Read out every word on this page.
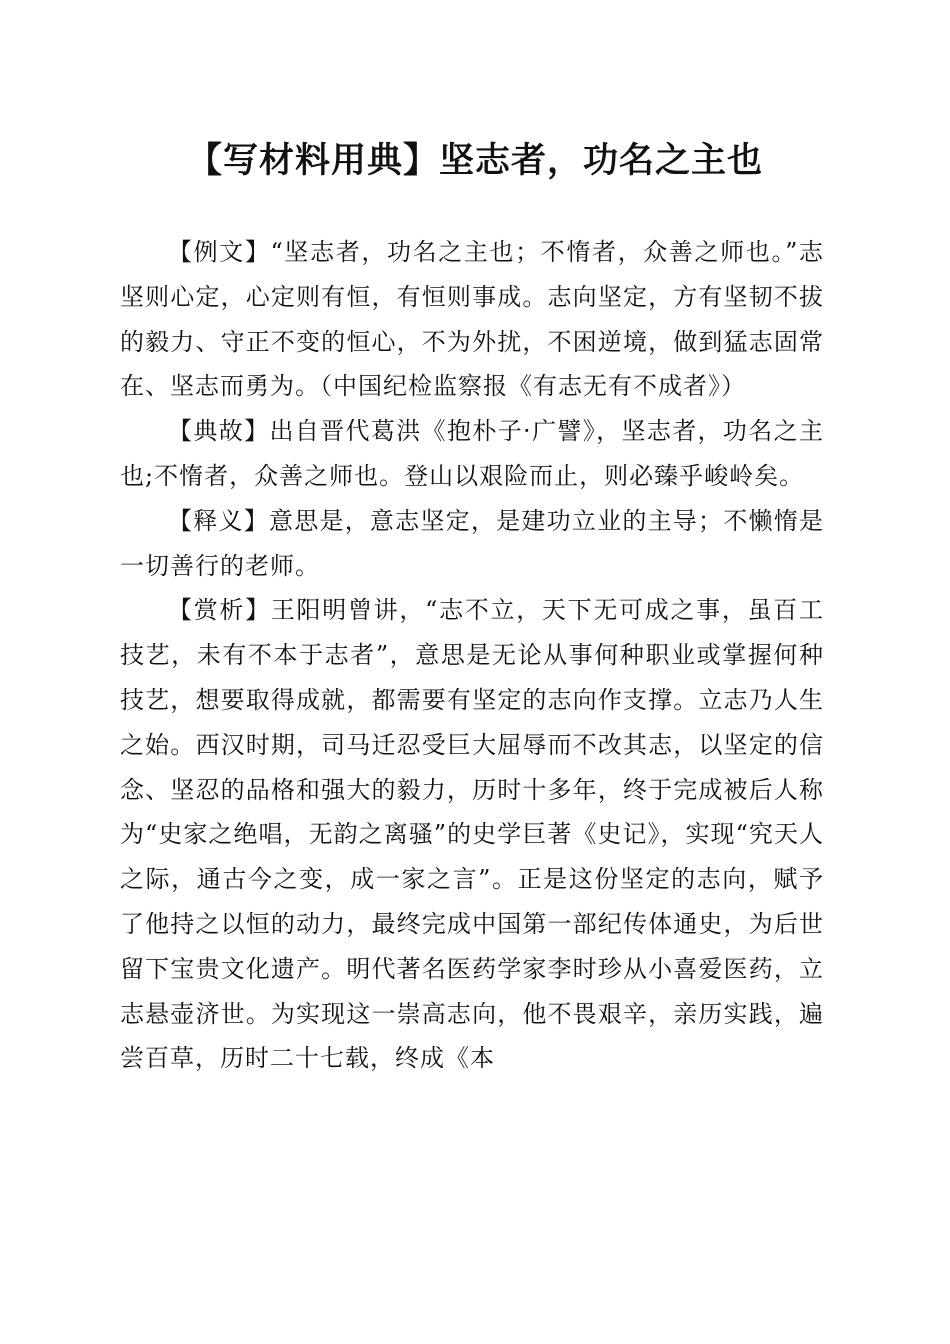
【写材料用典】坚志者，功名之主也

【例文】“坚志者，功名之主也；不惰者，众善之师也。”志坚则心定，心定则有恒，有恒则事成。志向坚定，方有坚韧不拔的毅力、守正不变的恒心，不为外扰，不困逆境，做到猛志固常在、坚志而勇为。（中国纪检监察报《有志无有不成者》）

【典故】出自晋代葛洪《抱朴子·广譬》，坚志者，功名之主也;不惰者，众善之师也。登山以艰险而止，则必臻乎峻岭矣。

【释义】意思是，意志坚定，是建功立业的主导；不懒惰是一切善行的老师。

【赏析】王阳明曾讲，“志不立，天下无可成之事，虽百工技艺，未有不本于志者”，意思是无论从事何种职业或掌握何种技艺，想要取得成就，都需要有坚定的志向作支撑。立志乃人生之始。西汉时期，司马迁忍受巨大屈辱而不改其志，以坚定的信念、坚忍的品格和强大的毅力，历时十多年，终于完成被后人称为“史家之绝唱，无韵之离骚”的史学巨著《史记》，实现“究天人之际，通古今之变，成一家之言”。正是这份坚定的志向，赋予了他持之以恒的动力，最终完成中国第一部纪传体通史，为后世留下宝贵文化遗产。明代著名医药学家李时珍从小喜爱医药，立志悬壶济世。为实现这一崇高志向，他不畏艰辛，亲历实践，遍尝百草，历时二十七载，终成《本
